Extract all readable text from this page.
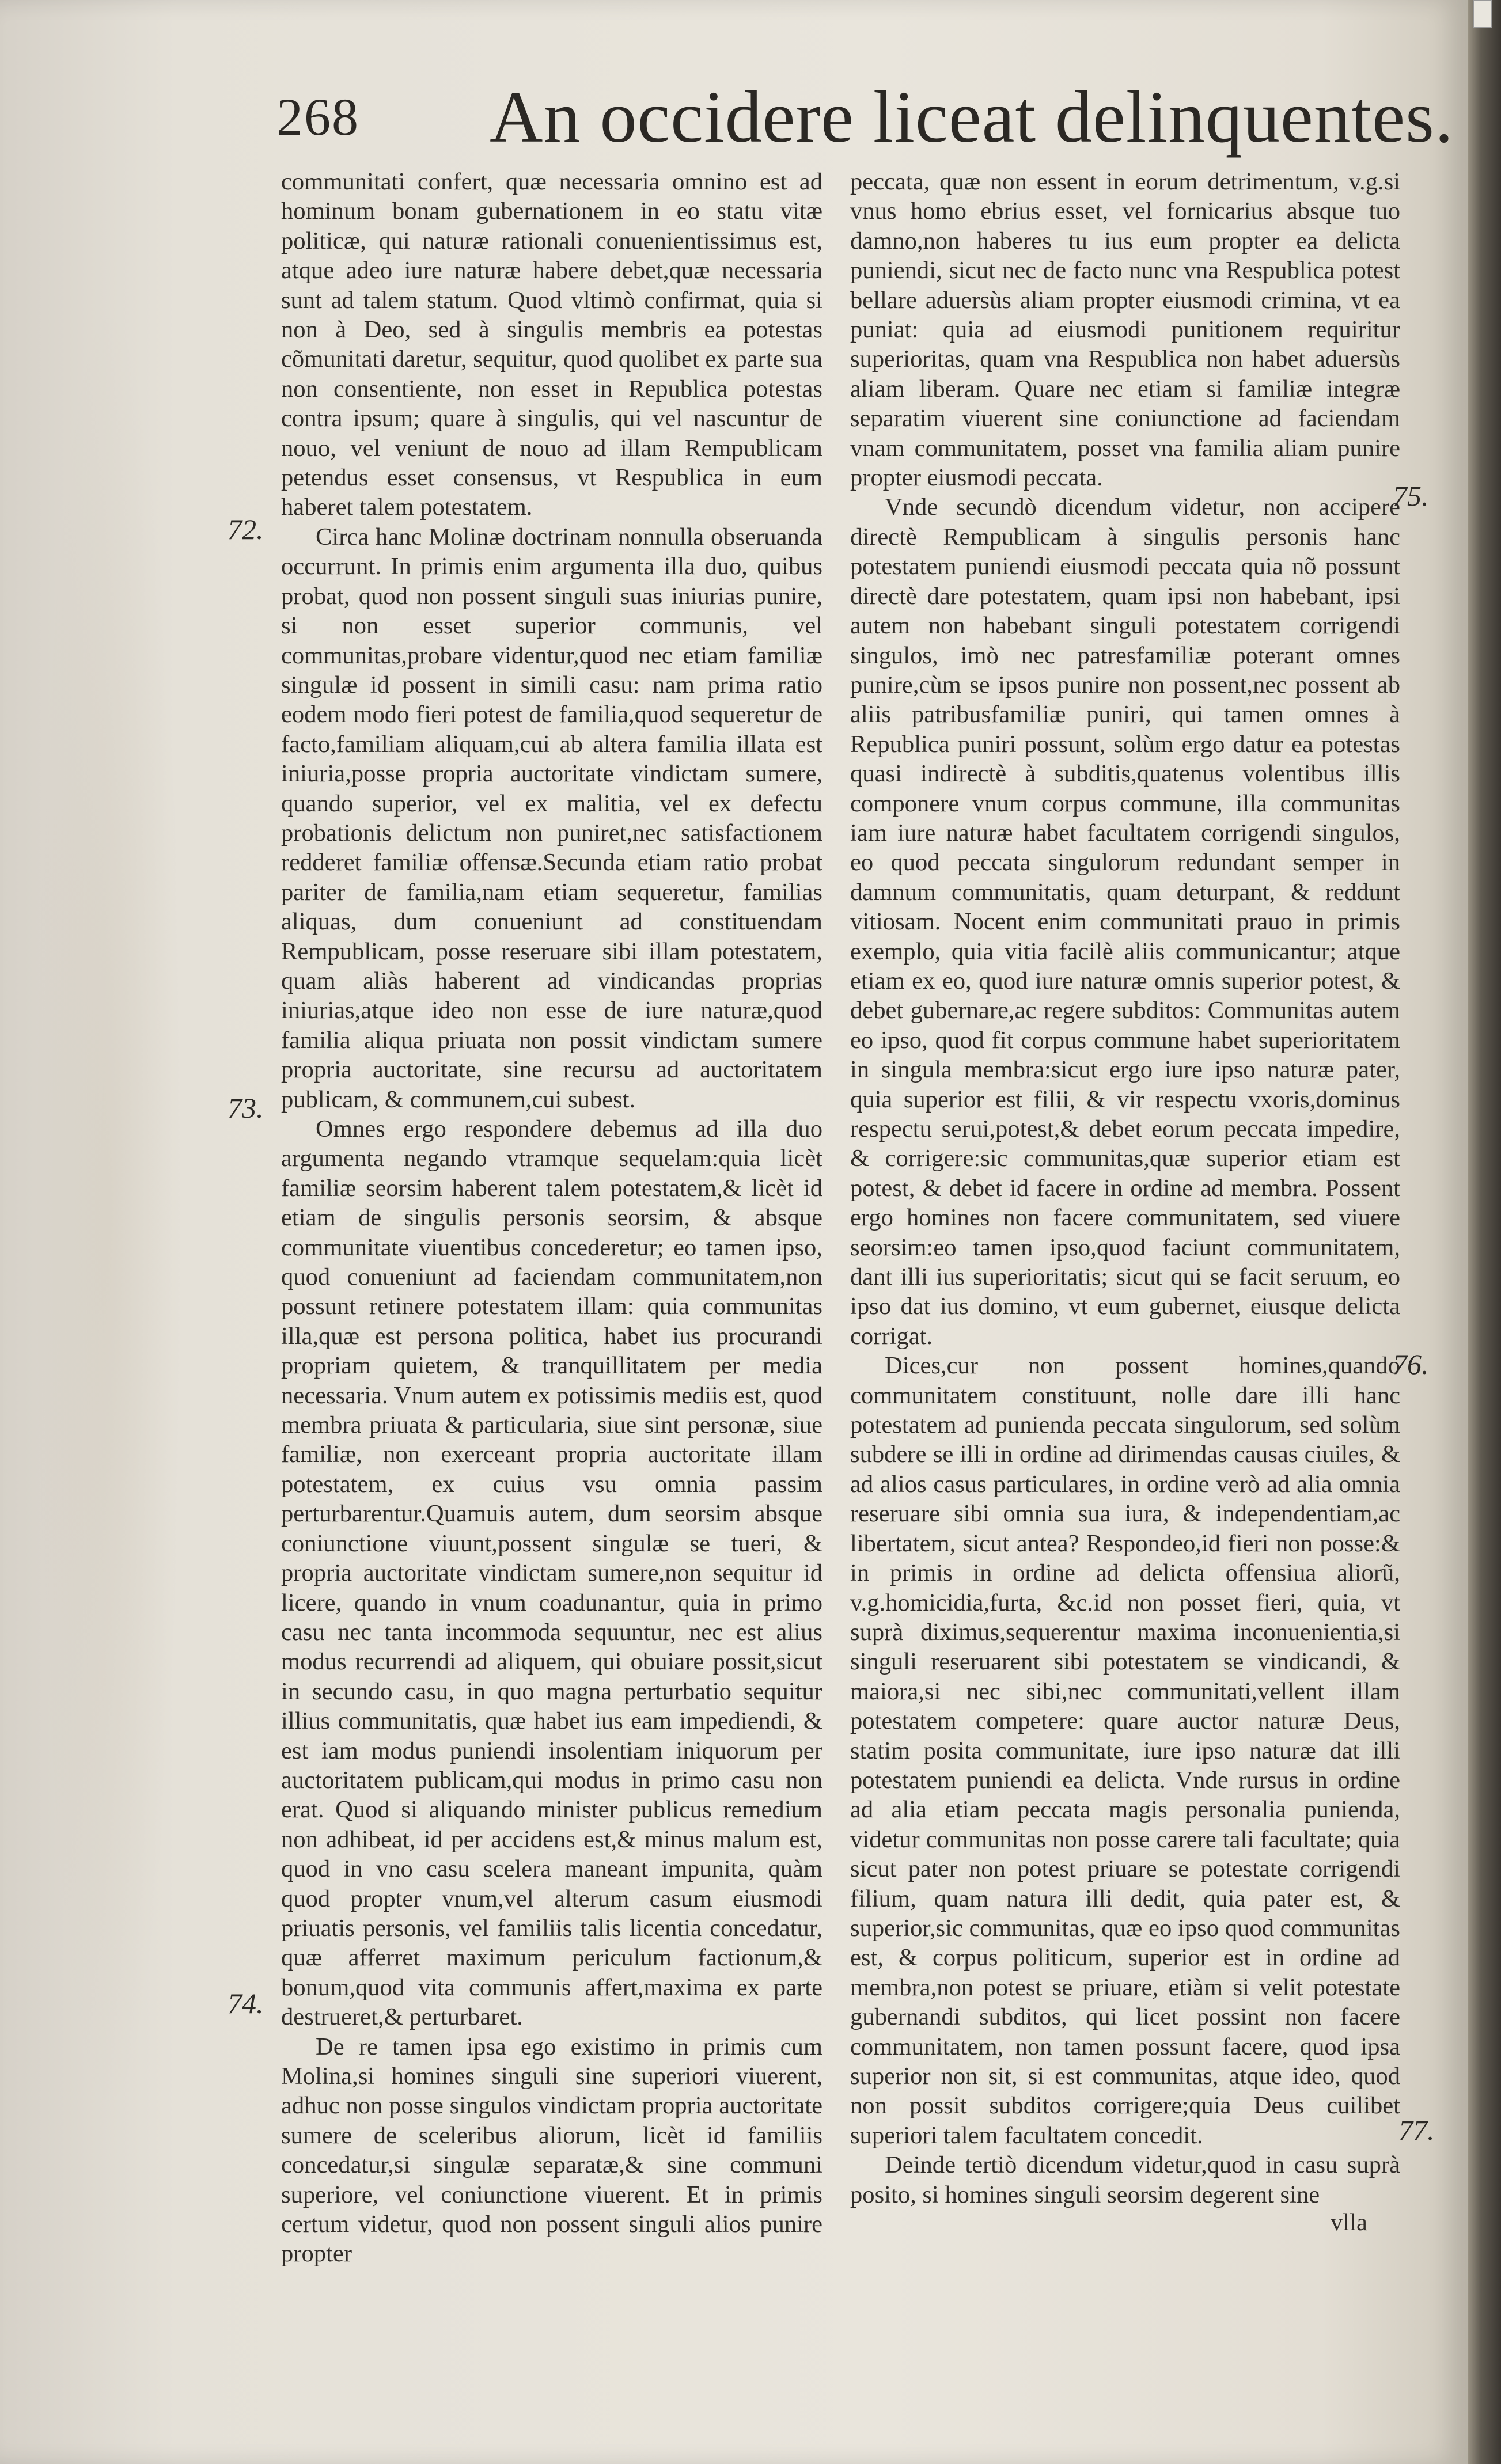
268 An occidere liceat delinquentes.

communitati confert, quæ necessaria omnino est ad hominum bonam gubernationem in eo statu vitæ politicæ, qui naturæ rationali conuenientissimus est, atque adeo iure naturæ habere debet,quæ necessaria sunt ad talem statum. Quod vltimò confirmat, quia si non à Deo, sed à singulis membris ea potestas cõmunitati daretur, sequitur, quod quolibet ex parte sua non consentiente, non esset in Republica potestas contra ipsum; quare à singulis, qui vel nascuntur de nouo, vel veniunt de nouo ad illam Rempublicam petendus esset consensus, vt Respublica in eum haberet talem potestatem.

Circa hanc Molinæ doctrinam nonnulla obseruanda occurrunt. In primis enim argumenta illa duo, quibus probat, quod non possent singuli suas iniurias punire, si non esset superior communis, vel communitas,probare videntur,quod nec etiam familiæ singulæ id possent in simili casu: nam prima ratio eodem modo fieri potest de familia,quod sequeretur de facto,familiam aliquam,cui ab altera familia illata est iniuria,posse propria auctoritate vindictam sumere, quando superior, vel ex malitia, vel ex defectu probationis delictum non puniret,nec satisfactionem redderet familiæ offensæ.Secunda etiam ratio probat pariter de familia,nam etiam sequeretur, familias aliquas, dum conueniunt ad constituendam Rempublicam, posse reseruare sibi illam potestatem, quam aliàs haberent ad vindicandas proprias iniurias,atque ideo non esse de iure naturæ,quod familia aliqua priuata non possit vindictam sumere propria auctoritate, sine recursu ad auctoritatem publicam, & communem,cui subest.

Omnes ergo respondere debemus ad illa duo argumenta negando vtramque sequelam:quia licèt familiæ seorsim haberent talem potestatem,& licèt id etiam de singulis personis seorsim, & absque communitate viuentibus concederetur; eo tamen ipso, quod conueniunt ad faciendam communitatem,non possunt retinere potestatem illam: quia communitas illa,quæ est persona politica, habet ius procurandi propriam quietem, & tranquillitatem per media necessaria. Vnum autem ex potissimis mediis est, quod membra priuata & particularia, siue sint personæ, siue familiæ, non exerceant propria auctoritate illam potestatem, ex cuius vsu omnia passim perturbarentur.Quamuis autem, dum seorsim absque coniunctione viuunt,possent singulæ se tueri, & propria auctoritate vindictam sumere,non sequitur id licere, quando in vnum coadunantur, quia in primo casu nec tanta incommoda sequuntur, nec est alius modus recurrendi ad aliquem, qui obuiare possit,sicut in secundo casu, in quo magna perturbatio sequitur illius communitatis, quæ habet ius eam impediendi, & est iam modus puniendi insolentiam iniquorum per auctoritatem publicam,qui modus in primo casu non erat. Quod si aliquando minister publicus remedium non adhibeat, id per accidens est,& minus malum est, quod in vno casu scelera maneant impunita, quàm quod propter vnum,vel alterum casum eiusmodi priuatis personis, vel familiis talis licentia concedatur, quæ afferret maximum periculum factionum,& bonum,quod vita communis affert,maxima ex parte destrueret,& perturbaret.

De re tamen ipsa ego existimo in primis cum Molina,si homines singuli sine superiori viuerent, adhuc non posse singulos vindictam propria auctoritate sumere de sceleribus aliorum, licèt id familiis concedatur,si singulæ separatæ,& sine communi superiore, vel coniunctione viuerent. Et in primis certum videtur, quod non possent singuli alios punire propter

peccata, quæ non essent in eorum detrimentum, v.g.si vnus homo ebrius esset, vel fornicarius absque tuo damno,non haberes tu ius eum propter ea delicta puniendi, sicut nec de facto nunc vna Respublica potest bellare aduersùs aliam propter eiusmodi crimina, vt ea puniat: quia ad eiusmodi punitionem requiritur superioritas, quam vna Respublica non habet aduersùs aliam liberam. Quare nec etiam si familiæ integræ separatim viuerent sine coniunctione ad faciendam vnam communitatem, posset vna familia aliam punire propter eiusmodi peccata.

Vnde secundò dicendum videtur, non accipere directè Rempublicam à singulis personis hanc potestatem puniendi eiusmodi peccata quia nõ possunt directè dare potestatem, quam ipsi non habebant, ipsi autem non habebant singuli potestatem corrigendi singulos, imò nec patresfamiliæ poterant omnes punire,cùm se ipsos punire non possent,nec possent ab aliis patribusfamiliæ puniri, qui tamen omnes à Republica puniri possunt, solùm ergo datur ea potestas quasi indirectè à subditis,quatenus volentibus illis componere vnum corpus commune, illa communitas iam iure naturæ habet facultatem corrigendi singulos, eo quod peccata singulorum redundant semper in damnum communitatis, quam deturpant, & reddunt vitiosam. Nocent enim communitati prauo in primis exemplo, quia vitia facilè aliis communicantur; atque etiam ex eo, quod iure naturæ omnis superior potest, & debet gubernare,ac regere subditos: Communitas autem eo ipso, quod fit corpus commune habet superioritatem in singula membra:sicut ergo iure ipso naturæ pater, quia superior est filii, & vir respectu vxoris,dominus respectu serui,potest,& debet eorum peccata impedire, & corrigere:sic communitas,quæ superior etiam est potest, & debet id facere in ordine ad membra. Possent ergo homines non facere communitatem, sed viuere seorsim:eo tamen ipso,quod faciunt communitatem, dant illi ius superioritatis; sicut qui se facit seruum, eo ipso dat ius domino, vt eum gubernet, eiusque delicta corrigat.

Dices,cur non possent homines,quando communitatem constituunt, nolle dare illi hanc potestatem ad punienda peccata singulorum, sed solùm subdere se illi in ordine ad dirimendas causas ciuiles, & ad alios casus particulares, in ordine verò ad alia omnia reseruare sibi omnia sua iura, & independentiam,ac libertatem, sicut antea? Respondeo,id fieri non posse:& in primis in ordine ad delicta offensiua aliorũ, v.g.homicidia,furta, &c.id non posset fieri, quia, vt suprà diximus,sequerentur maxima inconuenientia,si singuli reseruarent sibi potestatem se vindicandi, & maiora,si nec sibi,nec communitati,vellent illam potestatem competere: quare auctor naturæ Deus, statim posita communitate, iure ipso naturæ dat illi potestatem puniendi ea delicta. Vnde rursus in ordine ad alia etiam peccata magis personalia punienda, videtur communitas non posse carere tali facultate; quia sicut pater non potest priuare se potestate corrigendi filium, quam natura illi dedit, quia pater est, & superior,sic communitas, quæ eo ipso quod communitas est, & corpus politicum, superior est in ordine ad membra,non potest se priuare, etiàm si velit potestate gubernandi subditos, qui licet possint non facere communitatem, non tamen possunt facere, quod ipsa superior non sit, si est communitas, atque ideo, quod non possit subditos corrigere;quia Deus cuilibet superiori talem facultatem concedit.

Deinde tertiò dicendum videtur,quod in casu suprà posito, si homines singuli seorsim degerent sine

72.
73.
74.
75.
76.
77.
vlla
